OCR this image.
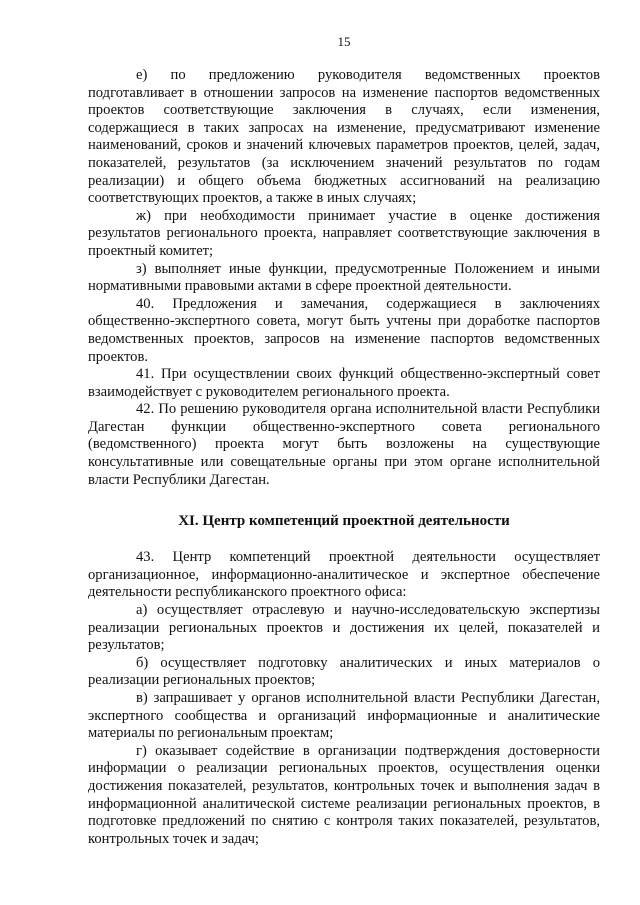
15

е) по предложению руководителя ведомственных проектов подготавливает в отношении запросов на изменение паспортов ведомственных проектов соответствующие заключения в случаях, если изменения, содержащиеся в таких запросах на изменение, предусматривают изменение наименований, сроков и значений ключевых параметров проектов, целей, задач, показателей, результатов (за исключением значений результатов по годам реализации) и общего объема бюджетных ассигнований на реализацию соответствующих проектов, а также в иных случаях;

ж) при необходимости принимает участие в оценке достижения результатов регионального проекта, направляет соответствующие заключения в проектный комитет;

з) выполняет иные функции, предусмотренные Положением и иными нормативными правовыми актами в сфере проектной деятельности.

40. Предложения и замечания, содержащиеся в заключениях общественно-экспертного совета, могут быть учтены при доработке паспортов ведомственных проектов, запросов на изменение паспортов ведомственных проектов.

41. При осуществлении своих функций общественно-экспертный совет взаимодействует с руководителем регионального проекта.

42. По решению руководителя органа исполнительной власти Республики Дагестан функции общественно-экспертного совета регионального (ведомственного) проекта могут быть возложены на существующие консультативные или совещательные органы при этом органе исполнительной власти Республики Дагестан.

XI. Центр компетенций проектной деятельности

43. Центр компетенций проектной деятельности осуществляет организационное, информационно-аналитическое и экспертное обеспечение деятельности республиканского проектного офиса:

а) осуществляет отраслевую и научно-исследовательскую экспертизы реализации региональных проектов и достижения их целей, показателей и результатов;

б) осуществляет подготовку аналитических и иных материалов о реализации региональных проектов;

в) запрашивает у органов исполнительной власти Республики Дагестан, экспертного сообщества и организаций информационные и аналитические материалы по региональным проектам;

г) оказывает содействие в организации подтверждения достоверности информации о реализации региональных проектов, осуществления оценки достижения показателей, результатов, контрольных точек и выполнения задач в информационной аналитической системе реализации региональных проектов, в подготовке предложений по снятию с контроля таких показателей, результатов, контрольных точек и задач;
